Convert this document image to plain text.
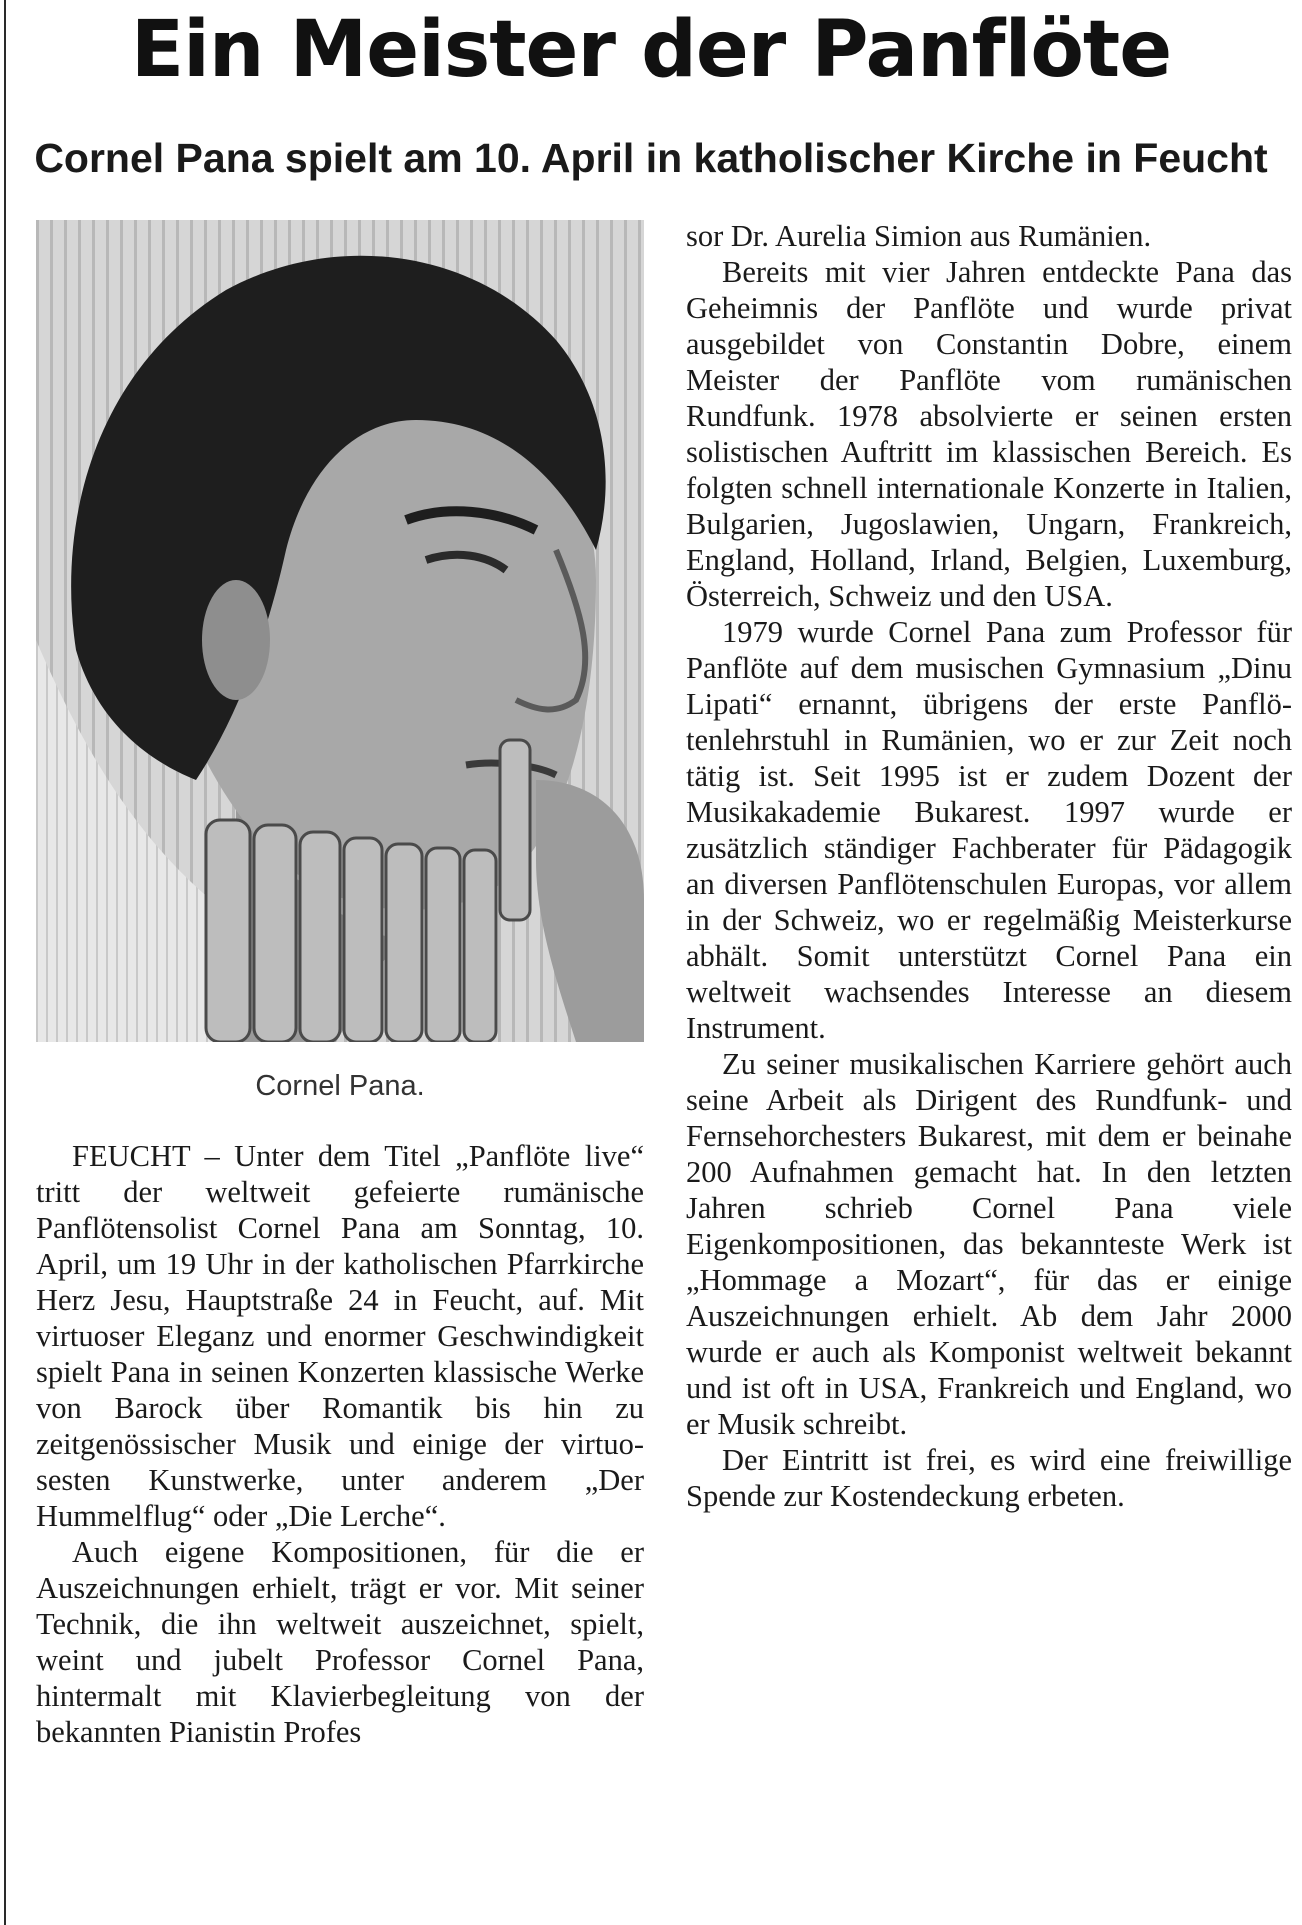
Ein Meister der Panflöte
Cornel Pana spielt am 10. April in katholischer Kirche in Feucht
Cornel Pana.

FEUCHT – Unter dem Titel „Panflöte live“ tritt der weltweit gefeierte rumänische Panflötensolist Cornel Pana am Sonntag, 10. April, um 19 Uhr in der katholischen Pfarrkirche Herz Jesu, Hauptstraße 24 in Feucht, auf. Mit virtuoser Eleganz und enormer Geschwindigkeit spielt Pana in seinen Konzerten klassische Werke von Barock über Romantik bis hin zu zeitgenössischer Musik und einige der virtuosesten Kunstwerke, unter anderem „Der Hummelflug“ oder „Die Lerche“.

Auch eigene Kompositionen, für die er Auszeichnungen erhielt, trägt er vor. Mit seiner Technik, die ihn weltweit auszeichnet, spielt, weint und jubelt Professor Cornel Pana, hintermalt mit Klavierbegleitung von der bekannten Pianistin Profes

sor Dr. Aurelia Simion aus Rumänien.

Bereits mit vier Jahren entdeckte Pana das Geheimnis der Panflöte und wurde privat ausgebildet von Constantin Dobre, einem Meister der Panflöte vom rumänischen Rundfunk. 1978 absolvierte er seinen ersten solistischen Auftritt im klassischen Bereich. Es folgten schnell internationale Konzerte in Italien, Bulgarien, Jugoslawien, Ungarn, Frankreich, England, Holland, Irland, Belgien, Luxemburg, Österreich, Schweiz und den USA.

1979 wurde Cornel Pana zum Professor für Panflöte auf dem musischen Gymnasium „Dinu Lipati“ ernannt, übrigens der erste Panflötenlehrstuhl in Rumänien, wo er zur Zeit noch tätig ist. Seit 1995 ist er zudem Dozent der Musikakademie Bukarest. 1997 wurde er zusätzlich ständiger Fachberater für Pädagogik an diversen Panflötenschulen Europas, vor allem in der Schweiz, wo er regelmäßig Meisterkurse abhält. Somit unterstützt Cornel Pana ein weltweit wachsendes Interesse an diesem Instrument.

Zu seiner musikalischen Karriere gehört auch seine Arbeit als Dirigent des Rundfunk- und Fernsehorchesters Bukarest, mit dem er beinahe 200 Aufnahmen gemacht hat. In den letzten Jahren schrieb Cornel Pana viele Eigenkompositionen, das bekannteste Werk ist „Hommage a Mozart“, für das er einige Auszeichnungen erhielt. Ab dem Jahr 2000 wurde er auch als Komponist weltweit bekannt und ist oft in USA, Frankreich und England, wo er Musik schreibt.

Der Eintritt ist frei, es wird eine freiwillige Spende zur Kostendeckung erbeten.
